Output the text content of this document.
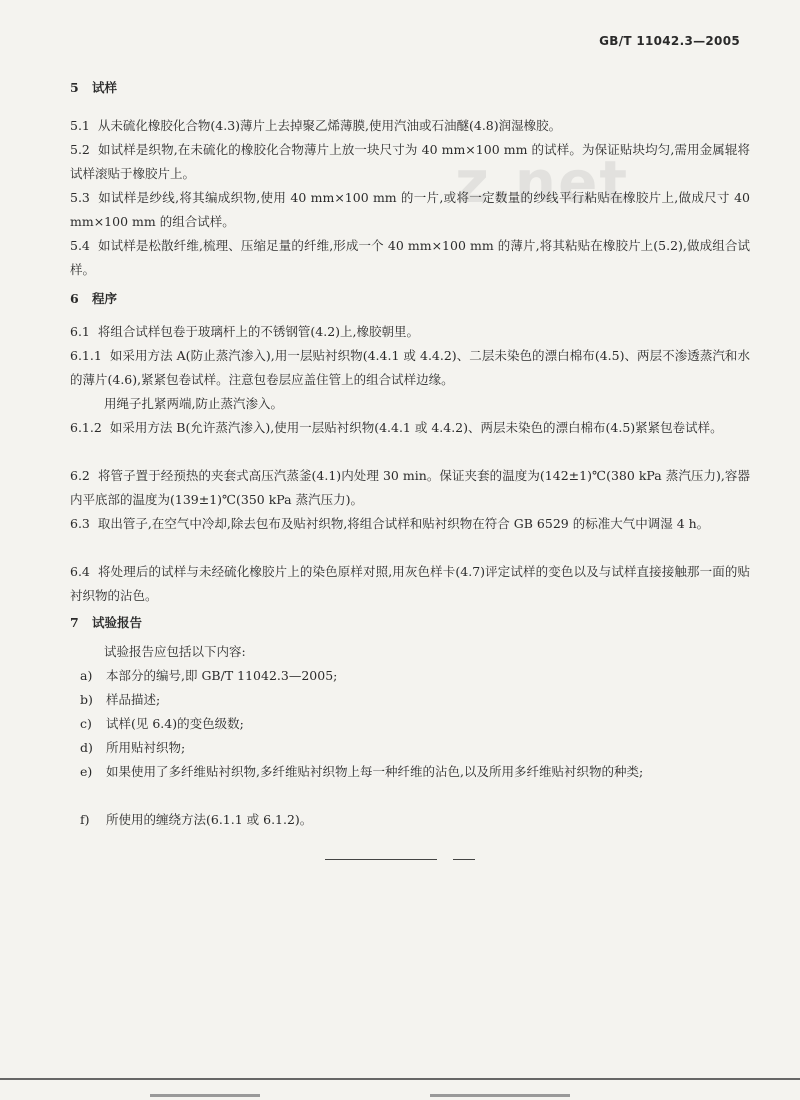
GB/T 11042.3—2005
z.net
5 试样
5.1 从未硫化橡胶化合物(4.3)薄片上去掉聚乙烯薄膜,使用汽油或石油醚(4.8)润湿橡胶。
5.2 如试样是织物,在未硫化的橡胶化合物薄片上放一块尺寸为 40 mm×100 mm 的试样。为保证贴块均匀,需用金属辊将试样滚贴于橡胶片上。
5.3 如试样是纱线,将其编成织物,使用 40 mm×100 mm 的一片,或将一定数量的纱线平行粘贴在橡胶片上,做成尺寸 40 mm×100 mm 的组合试样。
5.4 如试样是松散纤维,梳理、压缩足量的纤维,形成一个 40 mm×100 mm 的薄片,将其粘贴在橡胶片上(5.2),做成组合试样。
6 程序
6.1 将组合试样包卷于玻璃杆上的不锈钢管(4.2)上,橡胶朝里。
6.1.1 如采用方法 A(防止蒸汽渗入),用一层贴衬织物(4.4.1 或 4.4.2)、二层未染色的漂白棉布(4.5)、两层不渗透蒸汽和水的薄片(4.6),紧紧包卷试样。注意包卷层应盖住管上的组合试样边缘。
用绳子扎紧两端,防止蒸汽渗入。
6.1.2 如采用方法 B(允许蒸汽渗入),使用一层贴衬织物(4.4.1 或 4.4.2)、两层未染色的漂白棉布(4.5)紧紧包卷试样。
6.2 将管子置于经预热的夹套式高压汽蒸釜(4.1)内处理 30 min。保证夹套的温度为(142±1)℃(380 kPa 蒸汽压力),容器内平底部的温度为(139±1)℃(350 kPa 蒸汽压力)。
6.3 取出管子,在空气中冷却,除去包布及贴衬织物,将组合试样和贴衬织物在符合 GB 6529 的标准大气中调湿 4 h。
6.4 将处理后的试样与未经硫化橡胶片上的染色原样对照,用灰色样卡(4.7)评定试样的变色以及与试样直接接触那一面的贴衬织物的沾色。
7 试验报告
试验报告应包括以下内容:
a) 本部分的编号,即 GB/T 11042.3—2005;
b) 样品描述;
c) 试样(见 6.4)的变色级数;
d) 所用贴衬织物;
e) 如果使用了多纤维贴衬织物,多纤维贴衬织物上每一种纤维的沾色,以及所用多纤维贴衬织物的种类;
f) 所使用的缠绕方法(6.1.1 或 6.1.2)。
